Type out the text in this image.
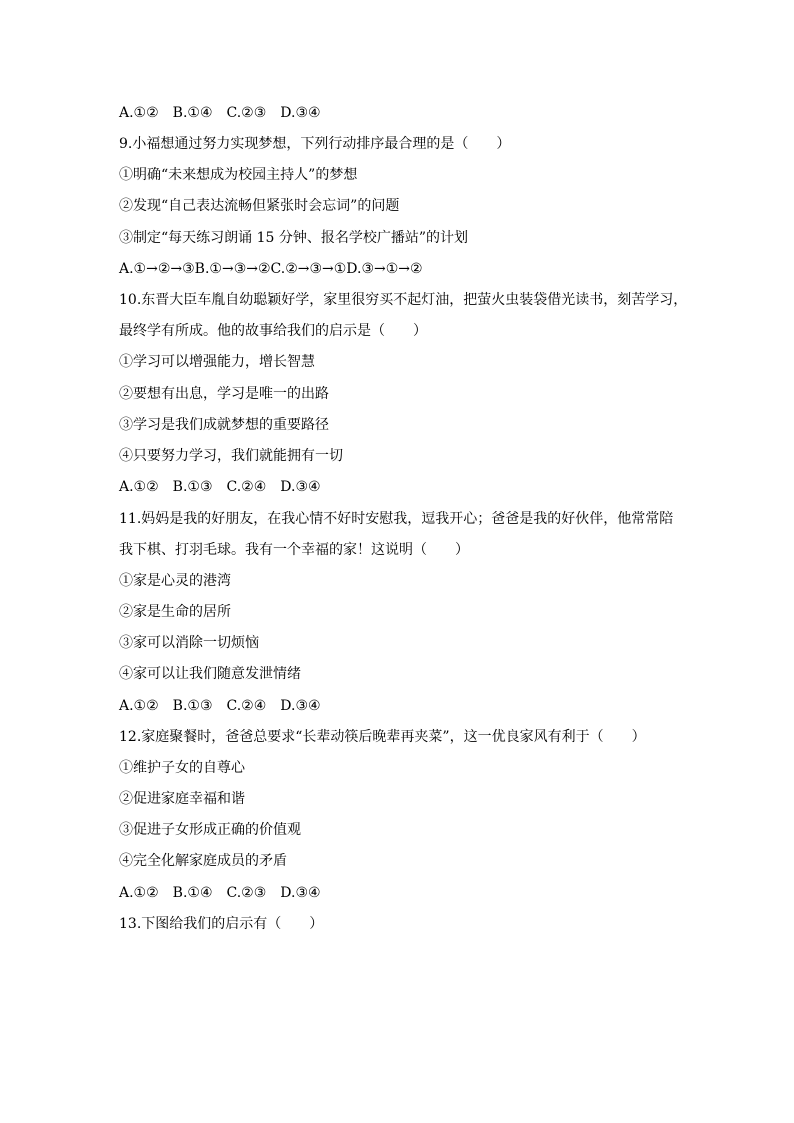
A.①②　B.①④　C.②③　D.③④
9.小福想通过努力实现梦想，下列行动排序最合理的是（　　）
①明确“未来想成为校园主持人”的梦想
②发现“自己表达流畅但紧张时会忘词”的问题
③制定“每天练习朗诵 15 分钟、报名学校广播站”的计划
A.①→②→③B.①→③→②C.②→③→①D.③→①→②
10.东晋大臣车胤自幼聪颖好学，家里很穷买不起灯油，把萤火虫装袋借光读书，刻苦学习，
最终学有所成。他的故事给我们的启示是（　　）
①学习可以增强能力，增长智慧
②要想有出息，学习是唯一的出路
③学习是我们成就梦想的重要路径
④只要努力学习，我们就能拥有一切
A.①②　B.①③　C.②④　D.③④
11.妈妈是我的好朋友，在我心情不好时安慰我，逗我开心；爸爸是我的好伙伴，他常常陪
我下棋、打羽毛球。我有一个幸福的家！这说明（　　）
①家是心灵的港湾
②家是生命的居所
③家可以消除一切烦恼
④家可以让我们随意发泄情绪
A.①②　B.①③　C.②④　D.③④
12.家庭聚餐时，爸爸总要求“长辈动筷后晚辈再夹菜”，这一优良家风有利于（　　）
①维护子女的自尊心
②促进家庭幸福和谐
③促进子女形成正确的价值观
④完全化解家庭成员的矛盾
A.①②　B.①④　C.②③　D.③④
13.下图给我们的启示有（　　）
